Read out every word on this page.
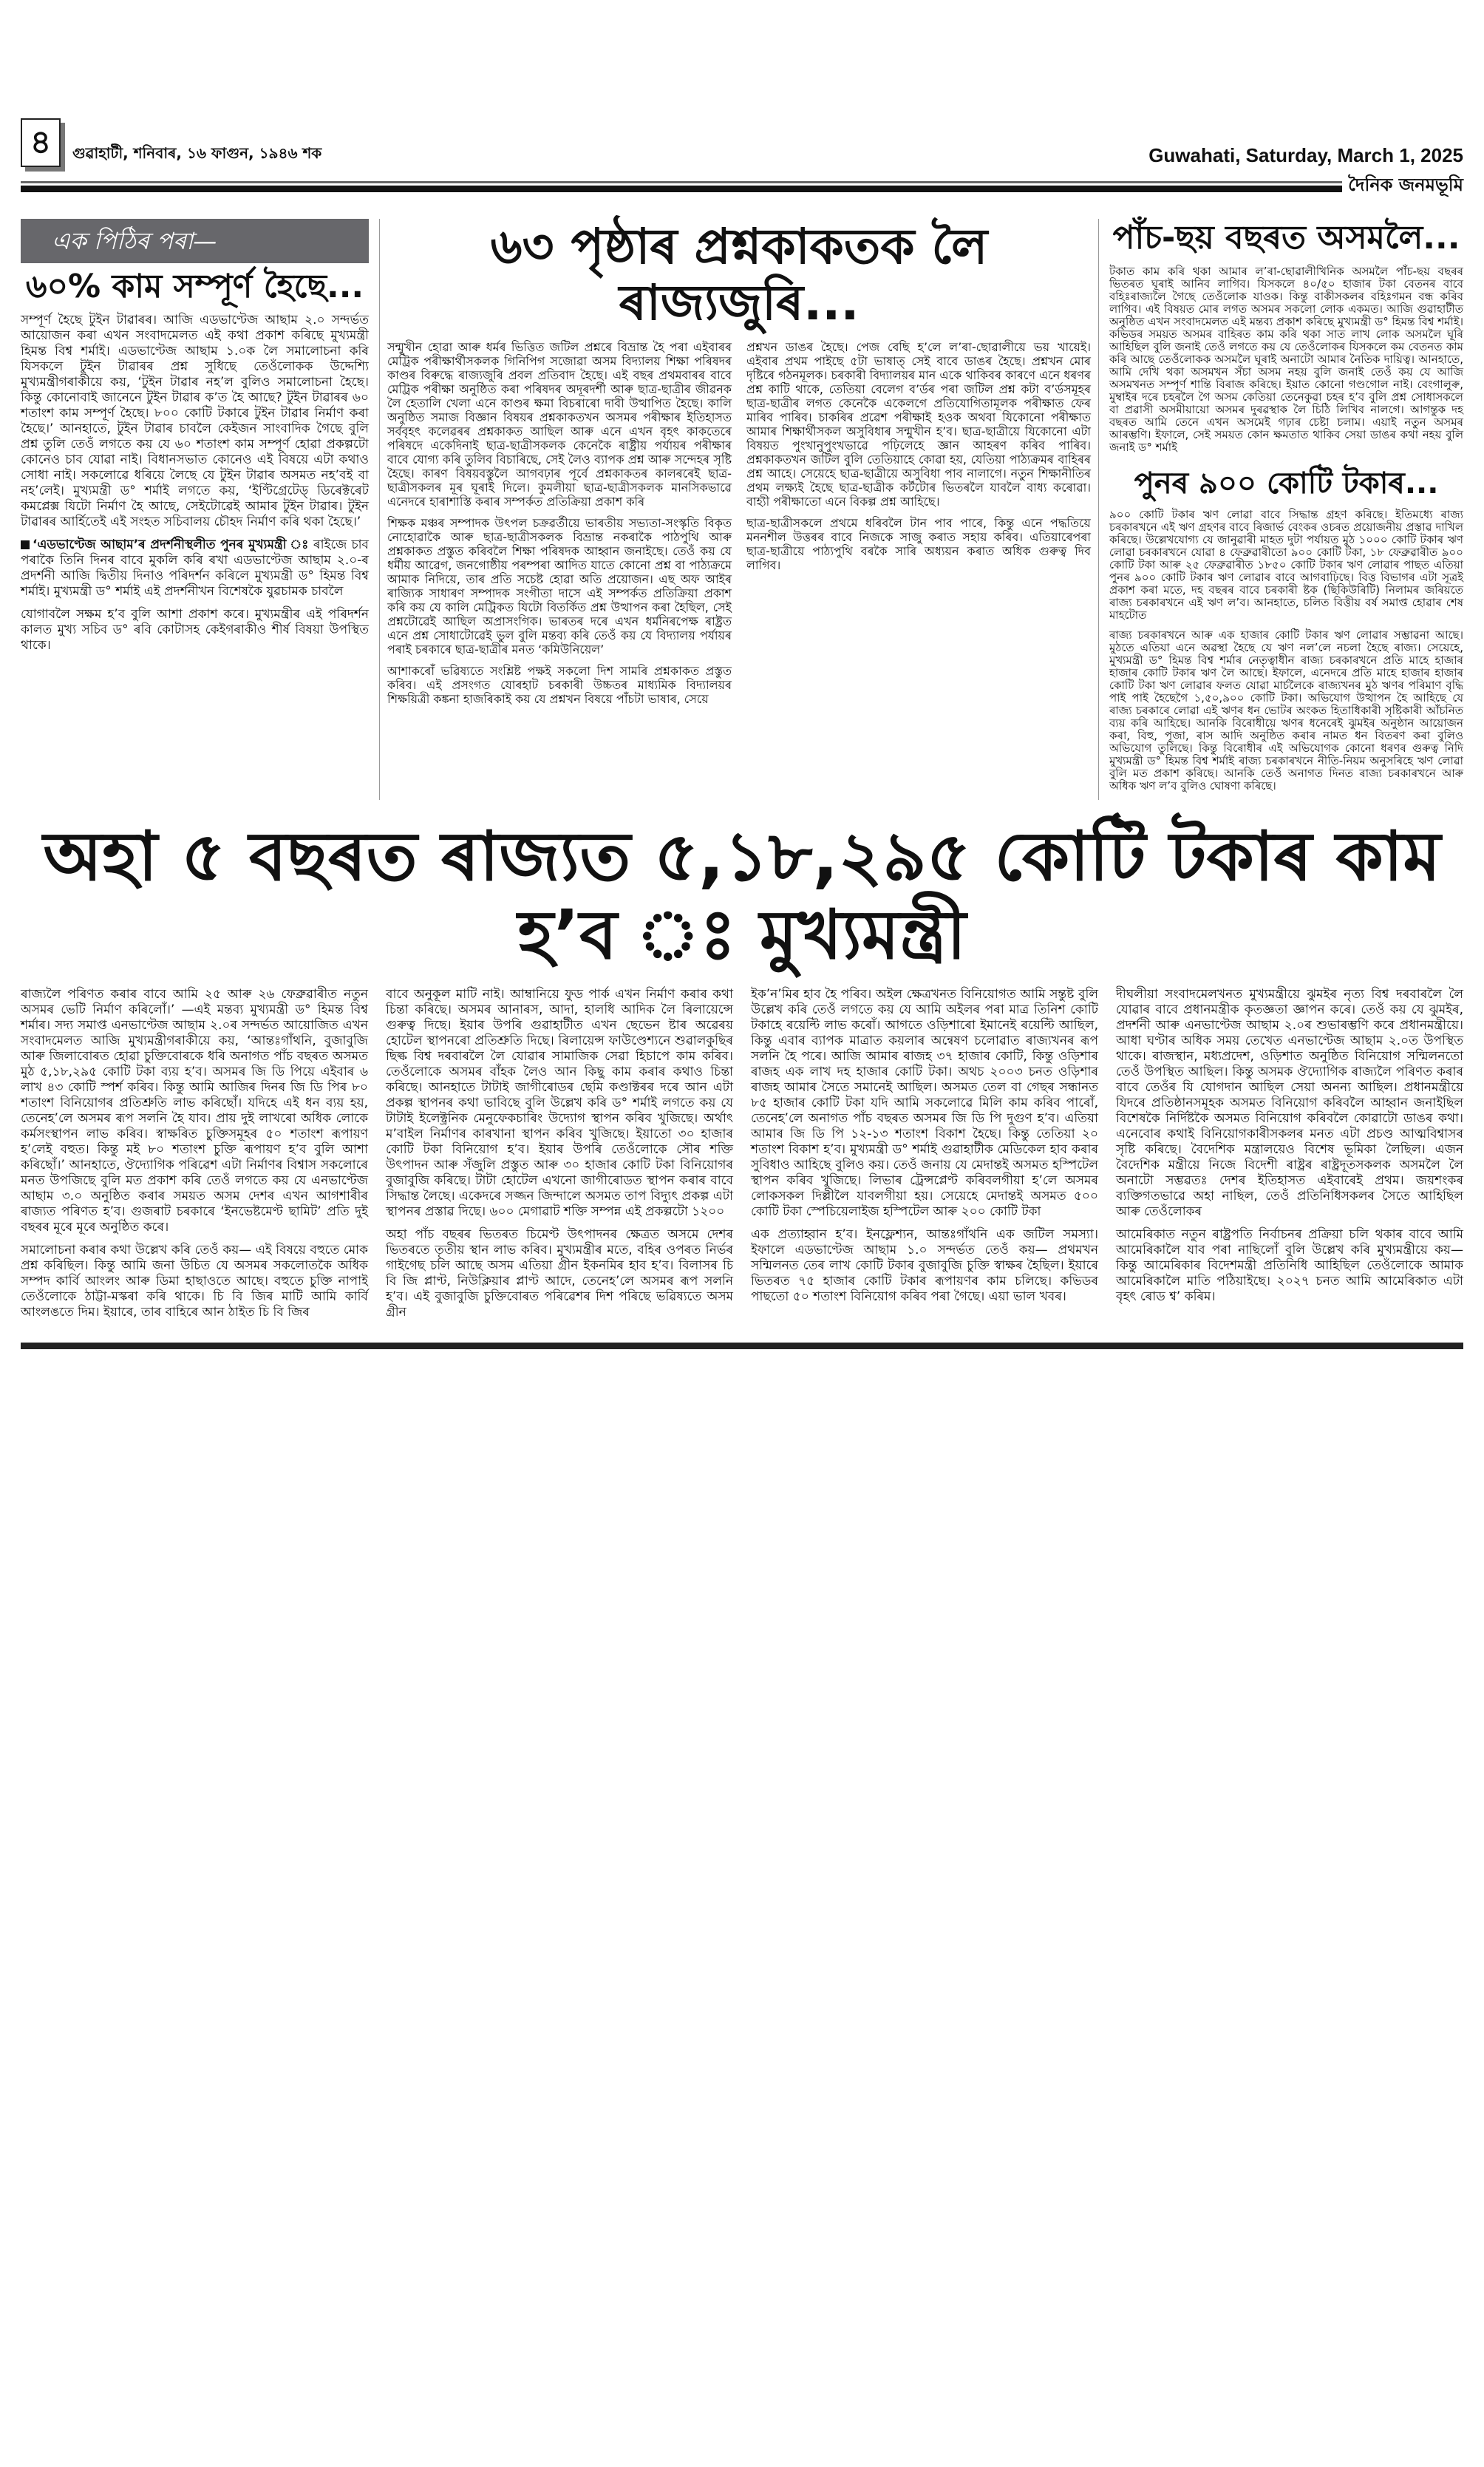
৪	গুৱাহাটী, শনিবাৰ, ১৬ ফাগুন, ১৯৪৬ শক	Guwahati, Saturday, March 1, 2025
দৈনিক জনমভূমি
এক পিঠিৰ পৰা—
৬০% কাম সম্পূৰ্ণ হৈছে...

সম্পূৰ্ণ হৈছে টুইন টাৱাৰৰ। আজি এডভাণ্টেজ আছাম ২.০ সন্দৰ্ভত আয়োজন কৰা এখন সংবাদমেলত এই কথা প্ৰকাশ কৰিছে মুখ্যমন্ত্ৰী হিমন্ত বিশ্ব শৰ্মাই। এডভাণ্টেজ আছাম ১.০ক লৈ সমালোচনা কৰি যিসকলে টুইন টাৱাৰৰ প্ৰশ্ন সুধিছে তেওঁলোকক উদ্দেশ্যি মুখ্যমন্ত্ৰীগৰাকীয়ে কয়, ‘টুইন টাৱাৰ নহ’ল বুলিও সমালোচনা হৈছে। কিন্তু কোনোবাই জানেনে টুইন টাৱাৰ ক’ত হৈ আছে? টুইন টাৱাৰৰ ৬০ শতাংশ কাম সম্পূৰ্ণ হৈছে। ৮০০ কোটি টকাৰে টুইন টাৱাৰ নিৰ্মাণ কৰা হৈছে।’ আনহাতে, টুইন টাৱাৰ চাবলৈ কেইজন সাংবাদিক গৈছে বুলি প্ৰশ্ন তুলি তেওঁ লগতে কয় যে ৬০ শতাংশ কাম সম্পূৰ্ণ হোৱা প্ৰকল্পটো কোনেও চাব যোৱা নাই। বিধানসভাত কোনেও এই বিষয়ে এটা কথাও সোধা নাই। সকলোৱে ধৰিয়ে লৈছে যে টুইন টাৱাৰ অসমত নহ’বই বা নহ’লেই। মুখ্যমন্ত্ৰী ড° শৰ্মাই লগতে কয়, ‘ইণ্টিগ্ৰেটেড্ ডিৰেক্টৰেট কমপ্লেক্স যিটো নিৰ্মাণ হৈ আছে, সেইটোৱেই আমাৰ টুইন টাৱাৰ। টুইন টাৱাৰৰ আৰ্হিতেই এই সংহত সচিবালয় চৌহদ নিৰ্মাণ কৰি থকা হৈছে।’

‘এডভাণ্টেজ আছাম’ৰ প্ৰদৰ্শনীস্থলীত পুনৰ মুখ্যমন্ত্ৰী ঃ ৰাইজে চাব পৰাকৈ তিনি দিনৰ বাবে মুকলি কৰি ৰখা এডভাণ্টেজ আছাম ২.০-ৰ প্ৰদৰ্শনী আজি দ্বিতীয় দিনাও পৰিদৰ্শন কৰিলে মুখ্যমন্ত্ৰী ড° হিমন্ত বিশ্ব শৰ্মাই। মুখ্যমন্ত্ৰী ড° শৰ্মাই এই প্ৰদৰ্শনীখন বিশেষকৈ যুৱচামক চাবলৈ

যোগাবলৈ সক্ষম হ’ব বুলি আশা প্ৰকাশ কৰে। মুখ্যমন্ত্ৰীৰ এই পৰিদৰ্শন কালত মুখ্য সচিব ড° ৰবি কোটাসহ কেইগৰাকীও শীৰ্ষ বিষয়া উপস্থিত থাকে।

৬৩ পৃষ্ঠাৰ প্ৰশ্নকাকতক লৈ ৰাজ্যজুৰি...

সন্মুখীন হোৱা আৰু ধৰ্মৰ ভিত্তিত জটিল প্ৰশ্নৰে বিভ্ৰান্ত হৈ পৰা এইবাৰৰ মেট্ৰিক পৰীক্ষাৰ্থীসকলক গিনিপিগ সজোৱা অসম বিদ্যালয় শিক্ষা পৰিষদৰ কাণ্ডৰ বিৰুদ্ধে ৰাজ্যজুৰি প্ৰবল প্ৰতিবাদ হৈছে। এই বছৰ প্ৰথমবাৰৰ বাবে মেট্ৰিক পৰীক্ষা অনুষ্ঠিত কৰা পৰিষদৰ অদূৰদৰ্শী আৰু ছাত্ৰ-ছাত্ৰীৰ জীৱনক লৈ হেতালি খেলা এনে কাণ্ডৰ ক্ষমা বিচৰাৰো দাবী উত্থাপিত হৈছে। কালি অনুষ্ঠিত সমাজ বিজ্ঞান বিষয়ৰ প্ৰশ্নকাকতখন অসমৰ পৰীক্ষাৰ ইতিহাসত সৰ্ববৃহৎ কলেৱৰৰ প্ৰশ্নকাকত আছিল আৰু এনে এখন বৃহৎ কাকতেৰে পৰিষদে একেদিনাই ছাত্ৰ-ছাত্ৰীসকলক কেনেকৈ ৰাষ্ট্ৰীয় পৰ্যায়ৰ পৰীক্ষাৰ বাবে যোগ্য কৰি তুলিব বিচাৰিছে, সেই লৈও ব্যাপক প্ৰশ্ন আৰু সন্দেহৰ সৃষ্টি হৈছে। কাৰণ বিষয়বস্তুলৈ আগবঢ়াৰ পূৰ্বে প্ৰশ্নকাকতৰ কালৰৰেই ছাত্ৰ-ছাত্ৰীসকলৰ মূৰ ঘূৰাই দিলে। কুমলীয়া ছাত্ৰ-ছাত্ৰীসকলক মানসিকভাৱে এনেদৰে হাৰাশাস্তি কৰাৰ সম্পৰ্কত প্ৰতিক্ৰিয়া প্ৰকাশ কৰি

শিক্ষক মঞ্চৰ সম্পাদক উৎপল চক্ৰৱৰ্তীয়ে ভাৰতীয় সভ্যতা-সংস্কৃতি বিকৃত নোহোৱাকৈ আৰু ছাত্ৰ-ছাত্ৰীসকলক বিভ্ৰান্ত নকৰাকৈ পাঠপুথি আৰু প্ৰশ্নকাকত প্ৰস্তুত কৰিবলৈ শিক্ষা পৰিষদক আহ্বান জনাইছে। তেওঁ কয় যে ধৰ্মীয় আৱেগ, জনগোষ্ঠীয় পৰম্পৰা আদিত যাতে কোনো প্ৰশ্ন বা পাঠ্যক্ৰমে আমাক নিদিয়ে, তাৰ প্ৰতি সচেষ্ট হোৱা অতি প্ৰয়োজন। এছ অফ আইৰ ৰাজ্যিক সাধাৰণ সম্পাদক সংগীতা দাসে এই সম্পৰ্কত প্ৰতিক্ৰিয়া প্ৰকাশ কৰি কয় যে কালি মেট্ৰিকত যিটো বিতৰ্কিত প্ৰশ্ন উত্থাপন কৰা হৈছিল, সেই প্ৰশ্নটোৱেই আছিল অপ্ৰাসংগিক। ভাৰতৰ দৰে এখন ধৰ্মনিৰপেক্ষ ৰাষ্ট্ৰত এনে প্ৰশ্ন সোধাটোৱেই ভুল বুলি মন্তব্য কৰি তেওঁ কয় যে বিদ্যালয় পৰ্যায়ৰ পৰাই চৰকাৰে ছাত্ৰ-ছাত্ৰীৰ মনত ‘কমিউনিয়েল’

আশাকৰোঁ ভৱিষ্যতে সংশ্লিষ্ট পক্ষই সকলো দিশ সামৰি প্ৰশ্নকাকত প্ৰস্তুত কৰিব। এই প্ৰসংগত যোৰহাট চৰকাৰী উচ্চতৰ মাধ্যমিক বিদ্যালয়ৰ শিক্ষয়িত্ৰী কঙ্কনা হাজৰিকাই কয় যে প্ৰশ্নখন বিষয়ে পাঁচটা ভাষাৰ, সেয়ে

প্ৰশ্নখন ডাঙৰ হৈছে। পেজ বেছি হ’লে ল’ৰা-ছোৱালীয়ে ভয় খায়েই। এইবাৰ প্ৰথম পাইছে ৫টা ভাষাত্ সেই বাবে ডাঙৰ হৈছে। প্ৰশ্নখন মোৰ দৃষ্টিৰে গঠনমূলক। চৰকাৰী বিদ্যালয়ৰ মান একে থাকিবৰ কাৰণে এনে ধৰণৰ প্ৰশ্ন কাটি থাকে, তেতিয়া বেলেগ ব’ৰ্ডৰ পৰা জটিল প্ৰশ্ন কটা ব’ৰ্ডসমূহৰ ছাত্ৰ-ছাত্ৰীৰ লগত কেনেকৈ একেলগে প্ৰতিযোগিতামূলক পৰীক্ষাত ফেৰ মাৰিব পাৰিব। চাকৰিৰ প্ৰৱেশ পৰীক্ষাই হওক অথবা যিকোনো পৰীক্ষাত আমাৰ শিক্ষাৰ্থীসকল অসুবিধাৰ সন্মুখীন হ’ব। ছাত্ৰ-ছাত্ৰীয়ে যিকোনো এটা বিষয়ত পুংখানুপুংখভাৱে পঢ়িলেহে জ্ঞান আহৰণ কৰিব পাৰিব। প্ৰশ্নকাকতখন জটিল বুলি তেতিয়াহে কোৱা হয়, যেতিয়া পাঠ্যক্ৰমৰ বাহিৰৰ প্ৰশ্ন আহে। সেয়েহে ছাত্ৰ-ছাত্ৰীয়ে অসুবিধা পাব নালাগে। নতুন শিক্ষানীতিৰ প্ৰথম লক্ষ্যই হৈছে ছাত্ৰ-ছাত্ৰীক কৰ্টটোৰ ভিতৰলৈ যাবলৈ বাধ্য কৰোৱা। বাহ্যী পৰীক্ষাতো এনে বিকল্প প্ৰশ্ন আহিছে।

ছাত্ৰ-ছাত্ৰীসকলে প্ৰথমে ধৰিবলৈ টান পাব পাৰে, কিন্তু এনে পদ্ধতিয়ে মননশীল উত্তৰৰ বাবে নিজকে সাজু কৰাত সহায় কৰিব। এতিয়াৰেপৰা ছাত্ৰ-ছাত্ৰীয়ে পাঠ্যপুথি বৰকৈ সাৰি অধ্যয়ন কৰাত অধিক গুৰুত্ব দিব লাগিব।

পাঁচ-ছয় বছৰত অসমলৈ...

টকাত কাম কৰি থকা আমাৰ ল’ৰা-ছোৱালীখিনিক অসমলৈ পাঁচ-ছয় বছৰৰ ভিতৰত ঘূৰাই আনিব লাগিব। যিসকলে ৪০/৫০ হাজাৰ টকা বেতনৰ বাবে বহিঃৰাজ্যলৈ গৈছে তেওঁলোক যাওক। কিন্তু বাকীসকলৰ বহিঃগমন বন্ধ কৰিব লাগিব। এই বিষয়ত মোৰ লগত অসমৰ সকলো লোক একমত। আজি গুৱাহাটীত অনুষ্ঠিত এখন সংবাদমেলত এই মন্তব্য প্ৰকাশ কৰিছে মুখ্যমন্ত্ৰী ড° হিমন্ত বিশ্ব শৰ্মাই। কভিডৰ সময়ত অসমৰ বাহিৰত কাম কৰি থকা সাত লাখ লোক অসমলৈ ঘূৰি আহিছিল বুলি জনাই তেওঁ লগতে কয় যে তেওঁলোকৰ যিসকলে কম বেতনত কাম কৰি আছে তেওঁলোকক অসমলৈ ঘূৰাই অনাটো আমাৰ নৈতিক দায়িত্ব। আনহাতে, আমি দেখি থকা অসমখন সঁচা অসম নহয় বুলি জনাই তেওঁ কয় যে আজি অসমখনত সম্পূৰ্ণ শান্তি বিৰাজ কৰিছে। ইয়াত কোনো গণ্ডগোল নাই। বেংগালুৰু, মুম্বাইৰ দৰে চহৰলৈ গৈ অসম কেতিয়া তেনেকুৱা চহৰ হ’ব বুলি প্ৰশ্ন সোধাসকলে বা প্ৰৱাসী অসমীয়ায়ো অসমৰ দুৰৱস্থাক লৈ চিঠি লিখিব নালগে। আগন্তুক দহ বছৰত আমি তেনে এখন অসমেই গঢ়াৰ চেষ্টা চলাম। এয়াই নতুন অসমৰ আৰম্ভণি। ইফালে, সেই সময়ত কোন ক্ষমতাত থাকিব সেয়া ডাঙৰ কথা নহয় বুলি জনাই ড° শৰ্মাই

পুনৰ ৯০০ কোটি টকাৰ...

৯০০ কোটি টকাৰ ঋণ লোৱা বাবে সিদ্ধান্ত গ্ৰহণ কৰিছে। ইতিমধ্যে ৰাজ্য চৰকাৰখনে এই ঋণ গ্ৰহণৰ বাবে ৰিজাৰ্ভ বেংকৰ ওচৰত প্ৰয়োজনীয় প্ৰস্তাৱ দাখিল কৰিছে। উল্লেখযোগ্য যে জানুৱাৰী মাহত দুটা পৰ্যায়ত মুঠ ১০০০ কোটি টকাৰ ঋণ লোৱা চৰকাৰখনে যোৱা ৪ ফেব্ৰুৱাৰীতো ৯০০ কোটি টকা, ১৮ ফেব্ৰুৱাৰীত ৯০০ কোটি টকা আৰু ২৫ ফেব্ৰুৱাৰীত ১৮৫০ কোটি টকাৰ ঋণ লোৱাৰ পাছত এতিয়া পুনৰ ৯০০ কোটি টকাৰ ঋণ লোৱাৰ বাবে আগবাঢ়িছে। বিত্ত বিভাগৰ এটা সূত্ৰই প্ৰকাশ কৰা মতে, দহ বছৰৰ বাবে চৰকাৰী ষ্টক (ছিকিউৰিটি) নিলামৰ জৰিয়তে ৰাজ্য চৰকাৰখনে এই ঋণ ল’ব। আনহাতে, চলিত বিত্তীয় বৰ্ষ সমাপ্ত হোৱাৰ শেষ মাহটোত

ৰাজ্য চৰকাৰখনে আৰু এক হাজাৰ কোটি টকাৰ ঋণ লোৱাৰ সম্ভাৱনা আছে। মুঠতে এতিয়া এনে অৱস্থা হৈছে যে ঋণ নল’লে নচলা হৈছে ৰাজ্য। সেয়েহে, মুখ্যমন্ত্ৰী ড° হিমন্ত বিশ্ব শৰ্মাৰ নেতৃত্বাধীন ৰাজ্য চৰকাৰখনে প্ৰতি মাহে হাজাৰ হাজাৰ কোটি টকাৰ ঋণ লৈ আছে। ইফালে, এনেদৰে প্ৰতি মাহে হাজাৰ হাজাৰ কোটি টকা ঋণ লোৱাৰ ফলত যোৱা মাৰ্চলৈকে ৰাজ্যখনৰ মুঠ ঋণৰ পৰিমাণ বৃদ্ধি পাই পাই হৈছেগৈ ১,৫০,৯০০ কোটি টকা। অভিযোগ উত্থাপন হৈ আহিছে যে ৰাজ্য চৰকাৰে লোৱা এই ঋণৰ ধন ভোটৰ অংকত হিতাধিকাৰী সৃষ্টিকাৰী আঁচনিত ব্যয় কৰি আহিছে। আনকি বিৰোধীয়ে ঋণৰ ধনেৰেই ঝুমইৰ অনুষ্ঠান আয়োজন কৰা, বিহু, পূজা, ৰাস আদি অনুষ্ঠিত কৰাৰ নামত ধন বিতৰণ কৰা বুলিও অভিযোগ তুলিছে। কিন্তু বিৰোধীৰ এই অভিযোগক কোনো ধৰণৰ গুৰুত্ব নিদি মুখ্যমন্ত্ৰী ড° হিমন্ত বিশ্ব শৰ্মাই ৰাজ্য চৰকাৰখনে নীতি-নিয়ম অনুসৰিহে ঋণ লোৱা বুলি মত প্ৰকাশ কৰিছে। আনকি তেওঁ অনাগত দিনত ৰাজ্য চৰকাৰখনে আৰু অধিক ঋণ ল’ব বুলিও ঘোষণা কৰিছে।

অহা ৫ বছৰত ৰাজ্যত ৫,১৮,২৯৫ কোটি টকাৰ কাম হ’ব ঃ মুখ্যমন্ত্ৰী

ৰাজ্যলৈ পৰিণত কৰাৰ বাবে আমি ২৫ আৰু ২৬ ফেব্ৰুৱাৰীত নতুন অসমৰ ভেটি নিৰ্মাণ কৰিলোঁ।’ —এই মন্তব্য মুখ্যমন্ত্ৰী ড° হিমন্ত বিশ্ব শৰ্মাৰ। সদ্য সমাপ্ত এনভাণ্টেজ আছাম ২.০ৰ সন্দৰ্ভত আয়োজিত এখন সংবাদমেলত আজি মুখ্যমন্ত্ৰীগৰাকীয়ে কয়, ‘আন্তঃগাঁথনি, বুজাবুজি আৰু জিলাবোৰত হোৱা চুক্তিবোৰকে ধৰি অনাগত পাঁচ বছৰত অসমত মুঠ ৫,১৮,২৯৫ কোটি টকা ব্যয় হ’ব। অসমৰ জি ডি পিয়ে এইবাৰ ৬ লাখ ৪৩ কোটি স্পৰ্শ কৰিব। কিন্তু আমি আজিৰ দিনৰ জি ডি পিৰ ৮০ শতাংশ বিনিয়োগৰ প্ৰতিশ্ৰুতি লাভ কৰিছোঁ। যদিহে এই ধন ব্যয় হয়, তেনেহ’লে অসমৰ ৰূপ সলনি হৈ যাব। প্ৰায় দুই লাখৰো অধিক লোকে কৰ্মসংস্থাপন লাভ কৰিব। স্বাক্ষৰিত চুক্তিসমূহৰ ৫০ শতাংশ ৰূপায়ণ হ’লেই বহুত। কিন্তু মই ৮০ শতাংশ চুক্তি ৰূপায়ণ হ’ব বুলি আশা কৰিছোঁ।’ আনহাতে, ঔদ্যোগিক পৰিৱেশ এটা নিৰ্মাণৰ বিশ্বাস সকলোৰে মনত উপজিছে বুলি মত প্ৰকাশ কৰি তেওঁ লগতে কয় যে এনভাণ্টেজ আছাম ৩.০ অনুষ্ঠিত কৰাৰ সময়ত অসম দেশৰ এখন আগশাৰীৰ ৰাজ্যত পৰিণত হ’ব। গুজৰাট চৰকাৰে ‘ইনভেষ্টমেণ্ট ছামিট’ প্ৰতি দুই বছৰৰ মূৰে মূৰে অনুষ্ঠিত কৰে।

সমালোচনা কৰাৰ কথা উল্লেখ কৰি তেওঁ কয়— এই বিষয়ে বহুতে মোক প্ৰশ্ন কৰিছিল। কিন্তু আমি জনা উচিত যে অসমৰ সকলোতকৈ অধিক সম্পদ কাৰ্বি আংলং আৰু ডিমা হাছাওতে আছে। বহুতে চুক্তি নাপাই তেওঁলোকে ঠাট্টা-মস্কৰা কৰি থাকে। চি বি জিৰ মাটি আমি কাৰ্বি আংলঙতে দিম। ইয়াৰে, তাৰ বাহিৰে আন ঠাইত চি বি জিৰ

বাবে অনুকূল মাটি নাই। আম্বানিয়ে ফুড পাৰ্ক এখন নিৰ্মাণ কৰাৰ কথা চিন্তা কৰিছে। অসমৰ আনাৰস, আদা, হালধি আদিক লৈ ৰিলায়েন্সে গুৰুত্ব দিছে। ইয়াৰ উপৰি গুৱাহাটীত এখন ছেভেন ষ্টাৰ অৱেৰয় হোটেল স্থাপনৰো প্ৰতিশ্ৰুতি দিছে। ৰিলায়েন্স ফাউণ্ডেশ্যনে শুৱালকুছিৰ ছিল্ক বিশ্ব দৰবাৰলৈ লৈ যোৱাৰ সামাজিক সেৱা হিচাপে কাম কৰিব। তেওঁলোকে অসমৰ বাঁহক লৈও আন কিছু কাম কৰাৰ কথাও চিন্তা কৰিছে। আনহাতে টাটাই জাগীৰোডৰ ছেমি কণ্ডাক্টৰৰ দৰে আন এটা প্ৰকল্প স্থাপনৰ কথা ভাবিছে বুলি উল্লেখ কৰি ড° শৰ্মাই লগতে কয় যে টাটাই ইলেক্ট্ৰনিক মেনুফেকচাৰিং উদ্যোগ স্থাপন কৰিব খুজিছে। অৰ্থাৎ ম’বাইল নিৰ্মাণৰ কাৰখানা স্থাপন কৰিব খুজিছে। ইয়াতো ৩০ হাজাৰ কোটি টকা বিনিয়োগ হ’ব। ইয়াৰ উপৰি তেওঁলোকে সৌৰ শক্তি উৎপাদন আৰু সঁজুলি প্ৰস্তুত আৰু ৩০ হাজাৰ কোটি টকা বিনিয়োগৰ বুজাবুজি কৰিছে। টাটা হোটেল এখনো জাগীৰোডত স্থাপন কৰাৰ বাবে সিদ্ধান্ত লৈছে। একেদৰে সজ্জন জিন্দালে অসমত তাপ বিদ্যুৎ প্ৰকল্প এটা স্থাপনৰ প্ৰস্তাৱ দিছে। ৬০০ মেগাৱাট শক্তি সম্পন্ন এই প্ৰকল্পটো ১২০০

অহা পাঁচ বছৰৰ ভিতৰত চিমেণ্ট উৎপাদনৰ ক্ষেত্ৰত অসমে দেশৰ ভিতৰতে তৃতীয় স্থান লাভ কৰিব। মুখ্যমন্ত্ৰীৰ মতে, বহিৰ ওপৰত নিৰ্ভৰ গাইগেছ চলি আছে অসম এতিয়া গ্ৰীন ইকনমিৰ হাব হ’ব। বিলাসৰ চি বি জি প্লাণ্ট, নিউক্লিয়াৰ প্লাণ্ট আদে, তেনেহ’লে অসমৰ ৰূপ সলনি হ’ব। এই বুজাবুজি চুক্তিবোৰত পৰিৱেশৰ দিশ পৰিছে ভৱিষ্যতে অসম গ্ৰীন

ইক’ন’মিৰ হাব হৈ পৰিব। অইল ক্ষেত্ৰখনত বিনিয়োগত আমি সন্তুষ্ট বুলি উল্লেখ কৰি তেওঁ লগতে কয় যে আমি অইলৰ পৰা মাত্ৰ তিনিশ কোটি টকাহে ৰয়েল্টি লাভ কৰোঁ। আগতে ওড়িশাৰো ইমানেই ৰয়েল্টি আছিল, কিন্তু এবাৰ ব্যাপক মাত্ৰাত কয়লাৰ অন্বেষণ চলোৱাত ৰাজ্যখনৰ ৰূপ সলনি হৈ পৰে। আজি আমাৰ ৰাজহ ৩৭ হাজাৰ কোটি, কিন্তু ওড়িশাৰ ৰাজহ এক লাখ দহ হাজাৰ কোটি টকা। অথচ ২০০৩ চনত ওড়িশাৰ ৰাজহ আমাৰ সৈতে সমানেই আছিল। অসমত তেল বা গেছৰ সন্ধানত ৮৫ হাজাৰ কোটি টকা যদি আমি সকলোৱে মিলি কাম কৰিব পাৰোঁ, তেনেহ’লে অনাগত পাঁচ বছৰত অসমৰ জি ডি পি দুগুণ হ’ব। এতিয়া আমাৰ জি ডি পি ১২-১৩ শতাংশ বিকাশ হৈছে। কিন্তু তেতিয়া ২০ শতাংশ বিকাশ হ’ব। মুখ্যমন্ত্ৰী ড° শৰ্মাই গুৱাহাটীক মেডিকেল হাব কৰাৰ সুবিধাও আহিছে বুলিও কয়। তেওঁ জনায় যে মেদান্তই অসমত হস্পিটেল স্থাপন কৰিব খুজিছে। লিভাৰ ট্ৰেন্সপ্লেণ্ট কৰিবলগীয়া হ’লে অসমৰ লোকসকল দিল্লীলৈ যাবলগীয়া হয়। সেয়েহে মেদান্তই অসমত ৫০০ কোটি টকা স্পেচিয়েলাইজ হস্পিটেল আৰু ২০০ কোটি টকা

এক প্ৰত্যাহ্বান হ’ব। ইনফ্লেশ্যন, আন্তঃগাঁথনি এক জটিল সমস্যা। ইফালে এডভাণ্টেজ আছাম ১.০ সন্দৰ্ভত তেওঁ কয়— প্ৰথমখন সন্মিলনত তেৰ লাখ কোটি টকাৰ বুজাবুজি চুক্তি স্বাক্ষৰ হৈছিল। ইয়াৰে ভিতৰত ৭৫ হাজাৰ কোটি টকাৰ ৰূপায়ণৰ কাম চলিছে। কভিডৰ পাছতো ৫০ শতাংশ বিনিয়োগ কৰিব পৰা গৈছে। এয়া ভাল খবৰ।

দীঘলীয়া সংবাদমেলখনত মুখ্যমন্ত্ৰীয়ে ঝুমইৰ নৃত্য বিশ্ব দৰবাৰলৈ লৈ যোৱাৰ বাবে প্ৰধানমন্ত্ৰীক কৃতজ্ঞতা জ্ঞাপন কৰে। তেওঁ কয় যে ঝুমইৰ, প্ৰদৰ্শনী আৰু এনভাণ্টেজ আছাম ২.০ৰ শুভাৰম্ভণি কৰে প্ৰধানমন্ত্ৰীয়ে। আধা ঘণ্টাৰ অধিক সময় তেখেত এনভাণ্টেজ আছাম ২.০ত উপস্থিত থাকে। ৰাজস্থান, মধ্যপ্ৰদেশ, ওড়িশাত অনুষ্ঠিত বিনিয়োগ সন্মিলনতো তেওঁ উপস্থিত আছিল। কিন্তু অসমক ঔদ্যোগিক ৰাজ্যলৈ পৰিণত কৰাৰ বাবে তেওঁৰ যি যোগদান আছিল সেয়া অনন্য আছিল। প্ৰধানমন্ত্ৰীয়ে যিদৰে প্ৰতিষ্ঠানসমূহক অসমত বিনিয়োগ কৰিবলৈ আহ্বান জনাইছিল বিশেষকৈ নিৰ্দিষ্টকৈ অসমত বিনিয়োগ কৰিবলৈ কোৱাটো ডাঙৰ কথা। এনেবোৰ কথাই বিনিয়োগকাৰীসকলৰ মনত এটা প্ৰচণ্ড আত্মবিশ্বাসৰ সৃষ্টি কৰিছে। বৈদেশিক মন্ত্ৰালয়েও বিশেষ ভূমিকা লৈছিল। এজন বৈদেশিক মন্ত্ৰীয়ে নিজে বিদেশী ৰাষ্ট্ৰৰ ৰাষ্ট্ৰদূতসকলক অসমলৈ লৈ অনাটো সম্ভৱতঃ দেশৰ ইতিহাসত এইবাৰেই প্ৰথম। জয়শংকৰ ব্যক্তিগতভাৱে অহা নাছিল, তেওঁ প্ৰতিনিধিসকলৰ সৈতে আহিছিল আৰু তেওঁলোকৰ

আমেৰিকাত নতুন ৰাষ্ট্ৰপতি নিৰ্বাচনৰ প্ৰক্ৰিয়া চলি থকাৰ বাবে আমি আমেৰিকালৈ যাব পৰা নাছিলোঁ বুলি উল্লেখ কৰি মুখ্যমন্ত্ৰীয়ে কয়— কিন্তু আমেৰিকাৰ বিদেশমন্ত্ৰী প্ৰতিনিধি আহিছিল তেওঁলোকে আমাক আমেৰিকালৈ মাতি পঠিয়াইছে। ২০২৭ চনত আমি আমেৰিকাত এটা বৃহৎ ৰোড শ্ব’ কৰিম।
